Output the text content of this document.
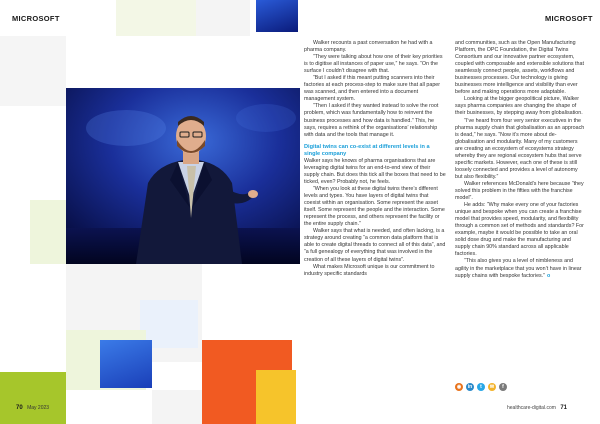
MICROSOFT	MICROSOFT

Walker recounts a past conversation he had with a pharma company.

“They were talking about how one of their key priorities is to digitise all instances of paper use,” he says. “On the surface I couldn’t disagree with that.

“But I asked if this meant putting scanners into their factories at each process-step to make sure that all paper was scanned, and then entered into a document management system.

“Then I asked if they wanted instead to solve the root problem, which was fundamentally how to reinvent the business processes and how data is handled.” This, he says, requires a rethink of the organisations’ relationship with data and the tools that manage it.

Digital twins can co-exist at different levels in a single company

Walker says he knows of pharma organisations that are leveraging digital twins for an end-to-end view of their supply chain. But does this tick all the boxes that need to be ticked, even? Probably not, he feels.

“When you look at these digital twins there’s different levels and types. You have layers of digital twins that coexist within an organisation. Some represent the asset itself. Some represent the people and the interaction. Some represent the process, and others represent the facility or the entire supply chain.”

Walker says that what is needed, and often lacking, is a strategy around creating “a common data platform that is able to create digital threads to connect all of this data”, and “a full genealogy of everything that was involved in the creation of all these layers of digital twins”.

What makes Microsoft unique is our commitment to industry specific standards

and communities, such as the Open Manufacturing Platform, the OPC Foundation, the Digital Twins Consortium and our innovative partner ecosystem, coupled with composable and extensible solutions that seamlessly connect people, assets, workflows and businesses processes. Our technology is giving businesses more intelligence and visibility than ever before and making operations more adaptable.

Looking at the bigger geopolitical picture, Walker says pharma companies are changing the shape of their businesses, by stepping away from globalisation.

“I’ve heard from four very senior executives in the pharma supply chain that globalisation as an approach is dead,” he says. “Now it’s more about de-globalisation and modularity. Many of my customers are creating an ecosystem of ecosystems strategy whereby they are regional ecosystem hubs that serve specific markets. However, each one of these is still loosely connected and provides a level of autonomy but also flexibility.”

Walker references McDonald’s here because “they solved this problem in the fifties with the franchise model”.

He adds: “Why make every one of your factories unique and bespoke when you can create a franchise model that provides speed, modularity, and flexibility through a common set of methods and standards? For example, maybe it would be possible to take an oral solid dose drug and make the manufacturing and supply chain 90% standard across all applicable factories.

“This also gives you a level of nimbleness and agility in the marketplace that you won’t have in linear supply chains with bespoke factories.” o

◉	in	t	✉	f
70 May 2023	healthcare-digital.com 71
